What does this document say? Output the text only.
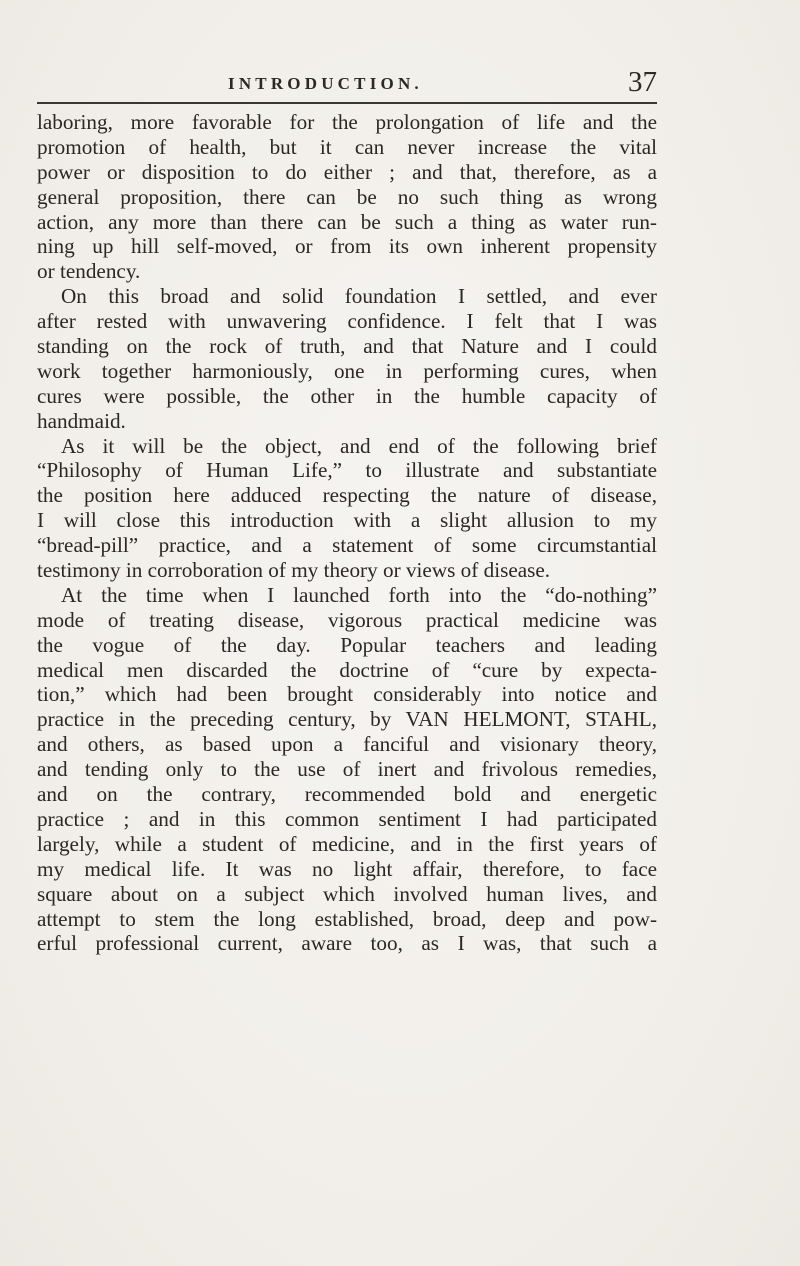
INTRODUCTION.	37
laboring, more favorable for the prolongation of life and the
promotion of health, but it can never increase the vital
power or disposition to do either ; and that, therefore, as a
general proposition, there can be no such thing as wrong
action, any more than there can be such a thing as water run-
ning up hill self-moved, or from its own inherent propensity
or tendency.
On this broad and solid foundation I settled, and ever
after rested with unwavering confidence. I felt that I was
standing on the rock of truth, and that Nature and I could
work together harmoniously, one in performing cures, when
cures were possible, the other in the humble capacity of
handmaid.
As it will be the object, and end of the following brief
“Philosophy of Human Life,” to illustrate and substantiate
the position here adduced respecting the nature of disease,
I will close this introduction with a slight allusion to my
“bread-pill” practice, and a statement of some circumstantial
testimony in corroboration of my theory or views of disease.
At the time when I launched forth into the “do-nothing”
mode of treating disease, vigorous practical medicine was
the vogue of the day. Popular teachers and leading
medical men discarded the doctrine of “cure by expecta-
tion,” which had been brought considerably into notice and
practice in the preceding century, by VAN HELMONT, STAHL,
and others, as based upon a fanciful and visionary theory,
and tending only to the use of inert and frivolous remedies,
and on the contrary, recommended bold and energetic
practice ; and in this common sentiment I had participated
largely, while a student of medicine, and in the first years of
my medical life. It was no light affair, therefore, to face
square about on a subject which involved human lives, and
attempt to stem the long established, broad, deep and pow-
erful professional current, aware too, as I was, that such a
